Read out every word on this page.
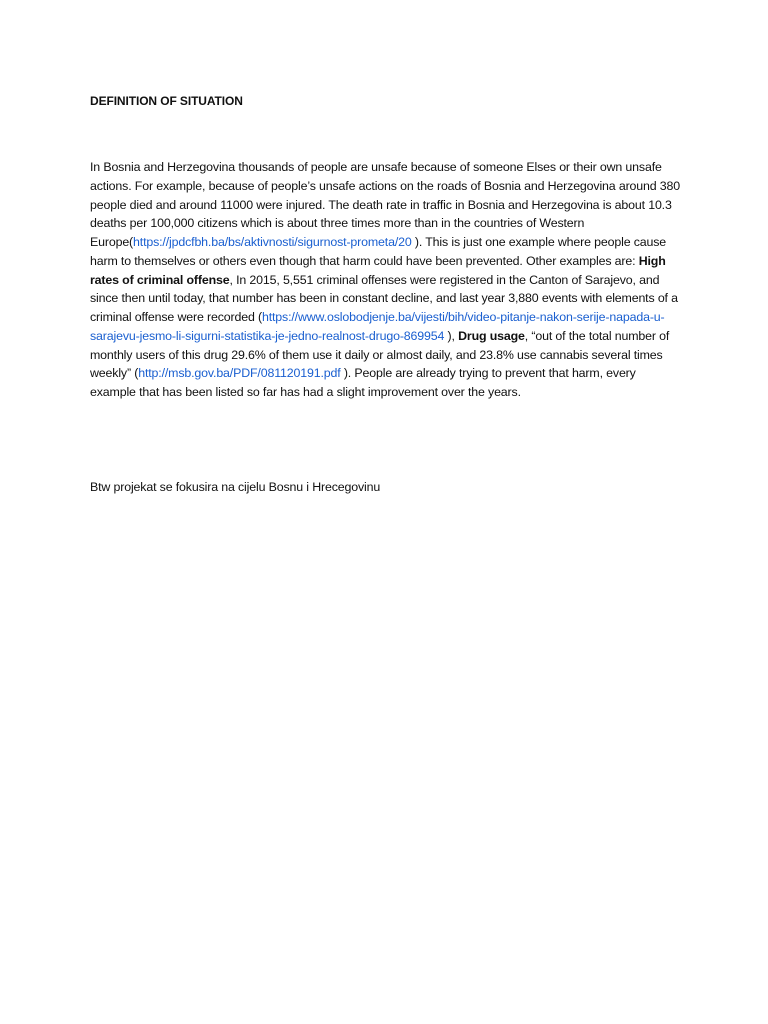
DEFINITION OF SITUATION

In Bosnia and Herzegovina thousands of people are unsafe because of someone Elses or their own unsafe actions. For example, because of people’s unsafe actions on the roads of Bosnia and Herzegovina around 380 people died and around 11000 were injured. The death rate in traffic in Bosnia and Herzegovina is about 10.3 deaths per 100,000 citizens which is about three times more than in the countries of Western Europe(https://jpdcfbh.ba/bs/aktivnosti/sigurnost-prometa/20 ). This is just one example where people cause harm to themselves or others even though that harm could have been prevented. Other examples are: High rates of criminal offense, In 2015, 5,551 criminal offenses were registered in the Canton of Sarajevo, and since then until today, that number has been in constant decline, and last year 3,880 events with elements of a criminal offense were recorded (https://www.oslobodjenje.ba/vijesti/bih/video-pitanje-nakon-serije-napada-u-sarajevu-jesmo-li-sigurni-statistika-je-jedno-realnost-drugo-869954 ), Drug usage, “out of the total number of monthly users of this drug 29.6% of them use it daily or almost daily, and 23.8% use cannabis several times weekly” (http://msb.gov.ba/PDF/081120191.pdf ). People are already trying to prevent that harm, every example that has been listed so far has had a slight improvement over the years.

Btw projekat se fokusira na cijelu Bosnu i Hrecegovinu
